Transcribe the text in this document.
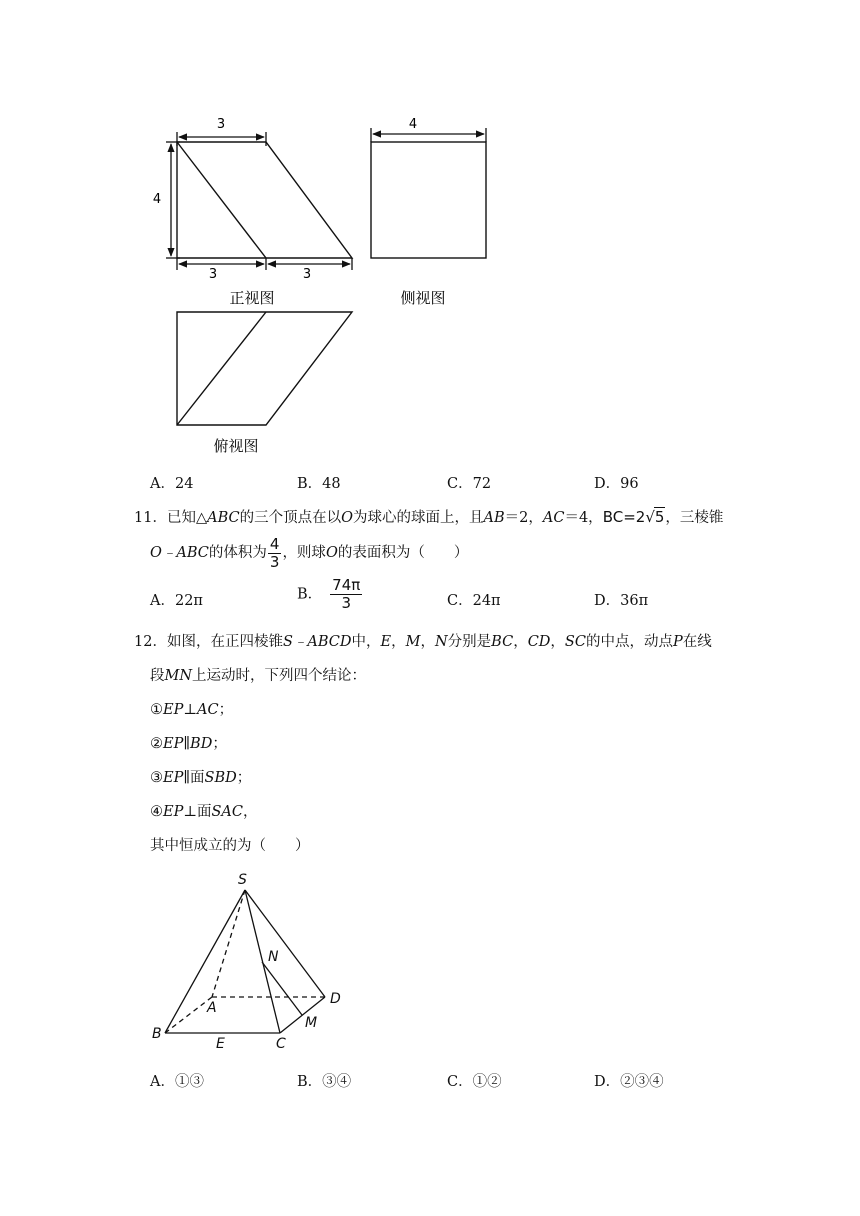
3
4
3	3
正视图
4
侧视图
俯视图
A．24	B．48	C．72	D．96
11．已知△ABC的三个顶点在以O为球心的球面上，且AB＝2，AC＝4，BC=2√5，三棱锥
O﹣ABC的体积为 $\frac{4}{3}$ ，则球O的表面积为（　　）
A．22π	B． $\frac{74\pi}{3}$	C．24π	D．36π
12．如图，在正四棱锥S﹣ABCD中，E，M，N分别是BC，CD，SC的中点，动点P在线
段MN上运动时，下列四个结论：
①EP⊥AC；
②EP∥BD；
③EP∥面SBD；
④EP⊥面SAC，
其中恒成立的为（　　）
S
N
A
D
M
B
E	C
A．①③	B．③④	C．①②	D．②③④
